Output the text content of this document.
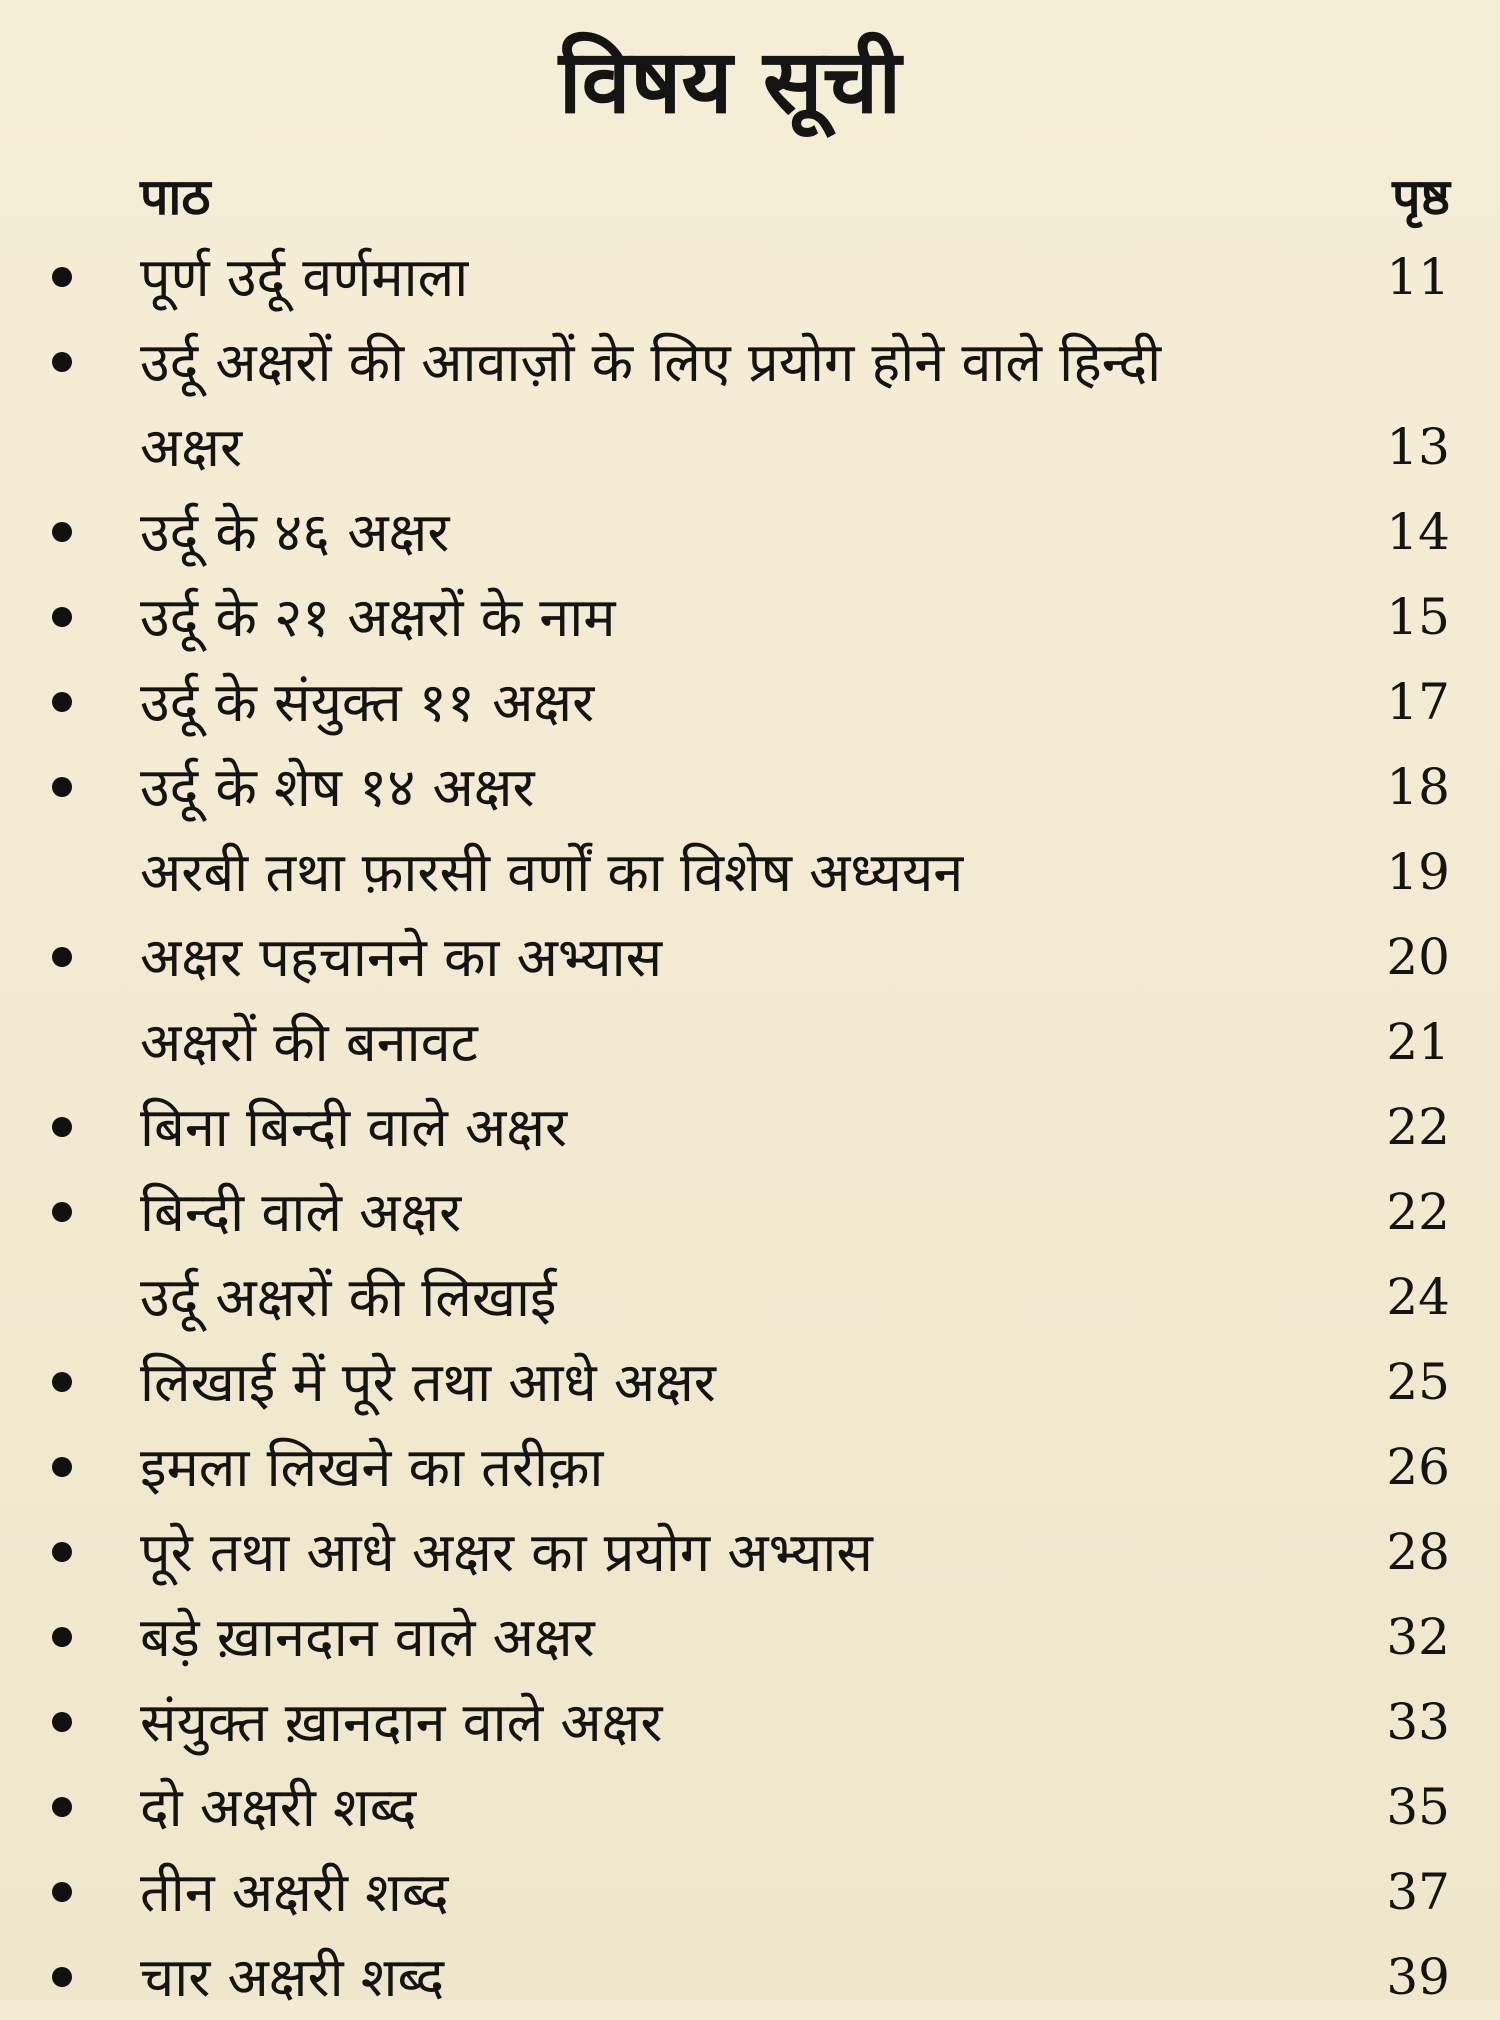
विषय सूची
पाठ	पृष्ठ
पूर्ण उर्दू वर्णमाला	11
उर्दू अक्षरों की आवाज़ों के लिए प्रयोग होने वाले हिन्दी अक्षर	13
उर्दू के ४६ अक्षर	14
उर्दू के २१ अक्षरों के नाम	15
उर्दू के संयुक्त ११ अक्षर	17
उर्दू के शेष १४ अक्षर	18
अरबी तथा फ़ारसी वर्णों का विशेष अध्ययन	19
अक्षर पहचानने का अभ्यास	20
अक्षरों की बनावट	21
बिना बिन्दी वाले अक्षर	22
बिन्दी वाले अक्षर	22
उर्दू अक्षरों की लिखाई	24
लिखाई में पूरे तथा आधे अक्षर	25
इमला लिखने का तरीक़ा	26
पूरे तथा आधे अक्षर का प्रयोग अभ्यास	28
बड़े ख़ानदान वाले अक्षर	32
संयुक्त ख़ानदान वाले अक्षर	33
दो अक्षरी शब्द	35
तीन अक्षरी शब्द	37
चार अक्षरी शब्द	39
